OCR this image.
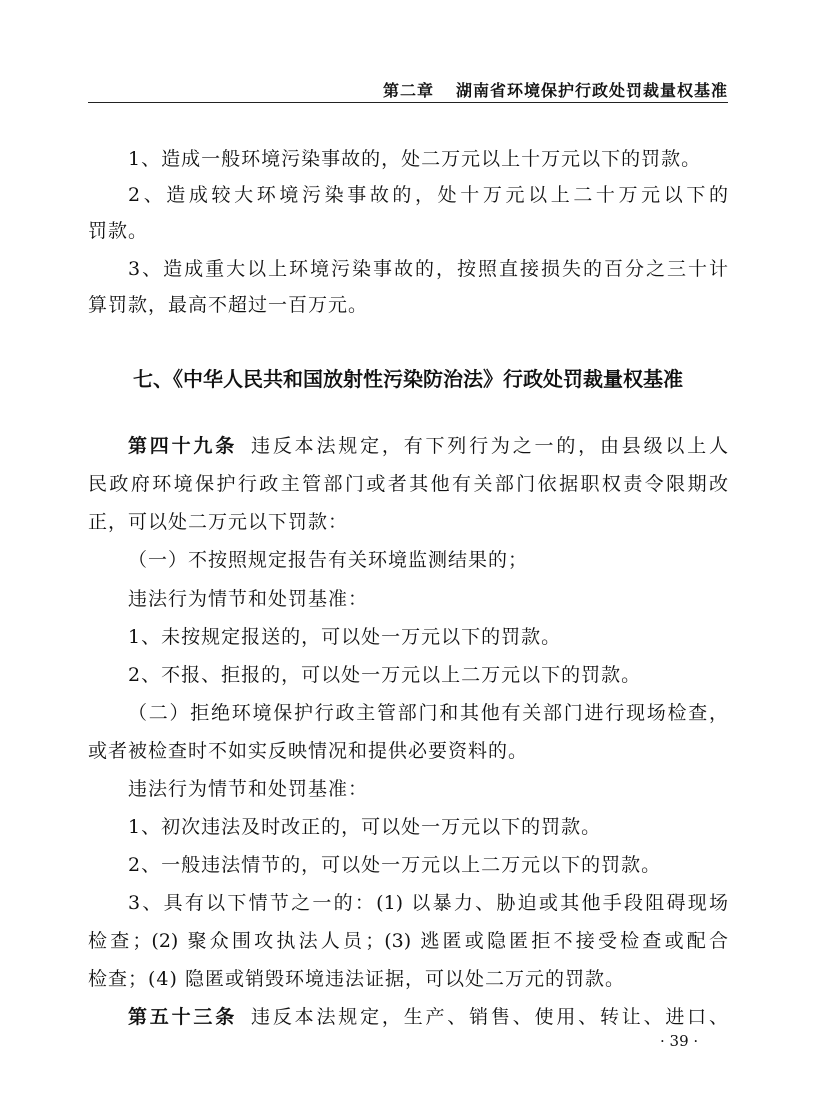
第二章 湖南省环境保护行政处罚裁量权基准
1、造成一般环境污染事故的，处二万元以上十万元以下的罚款。
2、造成较大环境污染事故的，处十万元以上二十万元以下的
罚款。
3、造成重大以上环境污染事故的，按照直接损失的百分之三十计
算罚款，最高不超过一百万元。
七、《中华人民共和国放射性污染防治法》行政处罚裁量权基准
第四十九条 违反本法规定，有下列行为之一的，由县级以上人
民政府环境保护行政主管部门或者其他有关部门依据职权责令限期改
正，可以处二万元以下罚款：
（一）不按照规定报告有关环境监测结果的；
违法行为情节和处罚基准：
1、未按规定报送的，可以处一万元以下的罚款。
2、不报、拒报的，可以处一万元以上二万元以下的罚款。
（二）拒绝环境保护行政主管部门和其他有关部门进行现场检查，
或者被检查时不如实反映情况和提供必要资料的。
违法行为情节和处罚基准：
1、初次违法及时改正的，可以处一万元以下的罚款。
2、一般违法情节的，可以处一万元以上二万元以下的罚款。
3、具有以下情节之一的：(1) 以暴力、胁迫或其他手段阻碍现场
检查；(2) 聚众围攻执法人员；(3) 逃匿或隐匿拒不接受检查或配合
检查；(4) 隐匿或销毁环境违法证据，可以处二万元的罚款。
第五十三条 违反本法规定，生产、销售、使用、转让、进口、
· 39 ·
